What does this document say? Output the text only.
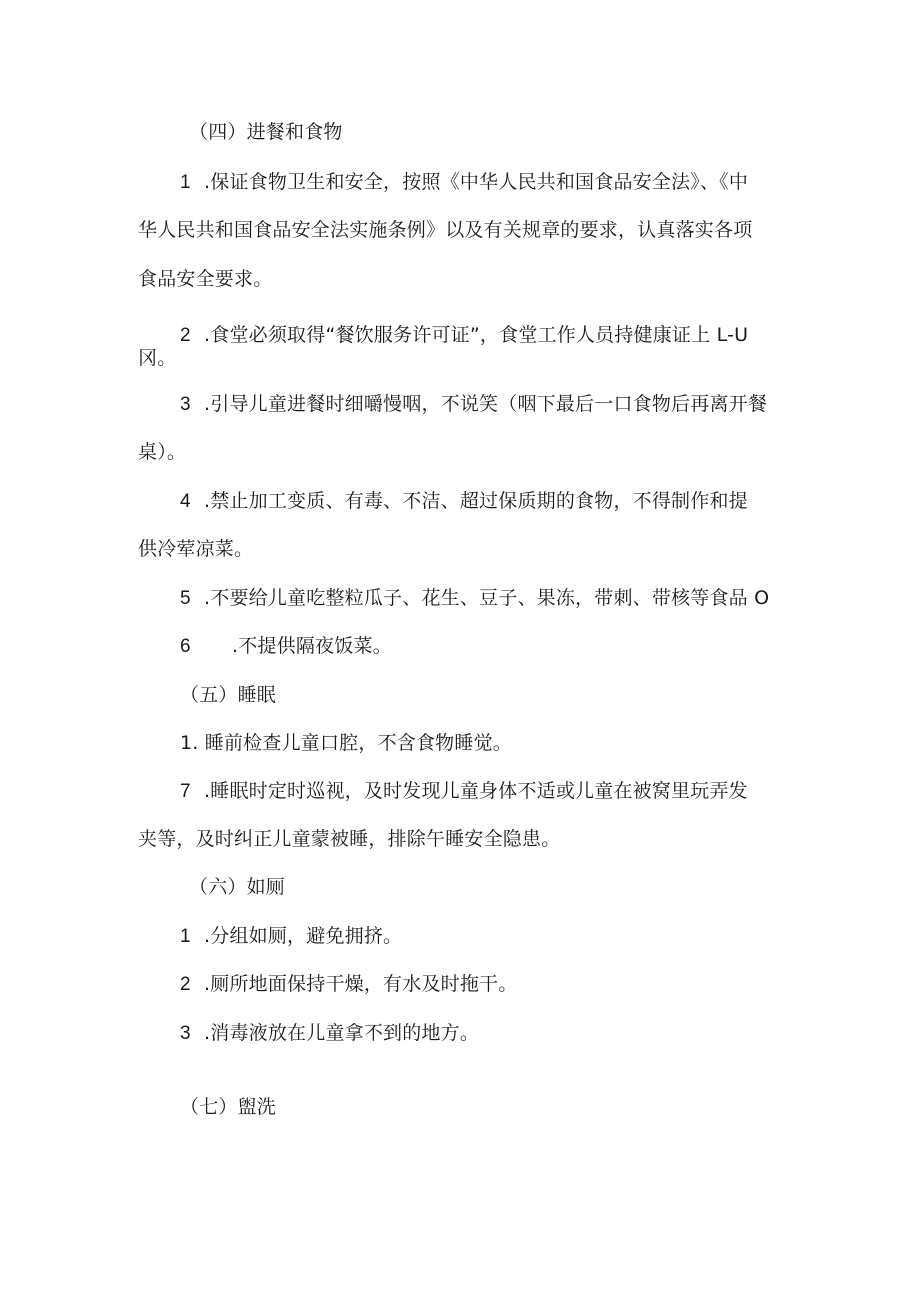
（四）进餐和食物
1 .保证食物卫生和安全，按照《中华人民共和国食品安全法》、《中
华人民共和国食品安全法实施条例》以及有关规章的要求，认真落实各项
食品安全要求。
2 .食堂必须取得“餐饮服务许可证”，食堂工作人员持健康证上 L-U
冈。
3 .引导儿童进餐时细嚼慢咽，不说笑（咽下最后一口食物后再离开餐
桌）。
4 .禁止加工变质、有毒、不洁、超过保质期的食物，不得制作和提
供冷荤凉菜。
5 .不要给儿童吃整粒瓜子、花生、豆子、果冻，带刺、带核等食品 O
6 .不提供隔夜饭菜。
（五）睡眠
1. 睡前检查儿童口腔，不含食物睡觉。
7 .睡眠时定时巡视，及时发现儿童身体不适或儿童在被窝里玩弄发
夹等，及时纠正儿童蒙被睡，排除午睡安全隐患。
（六）如厕
1 .分组如厕，避免拥挤。
2 .厕所地面保持干燥，有水及时拖干。
3 .消毒液放在儿童拿不到的地方。
（七）盥洗
